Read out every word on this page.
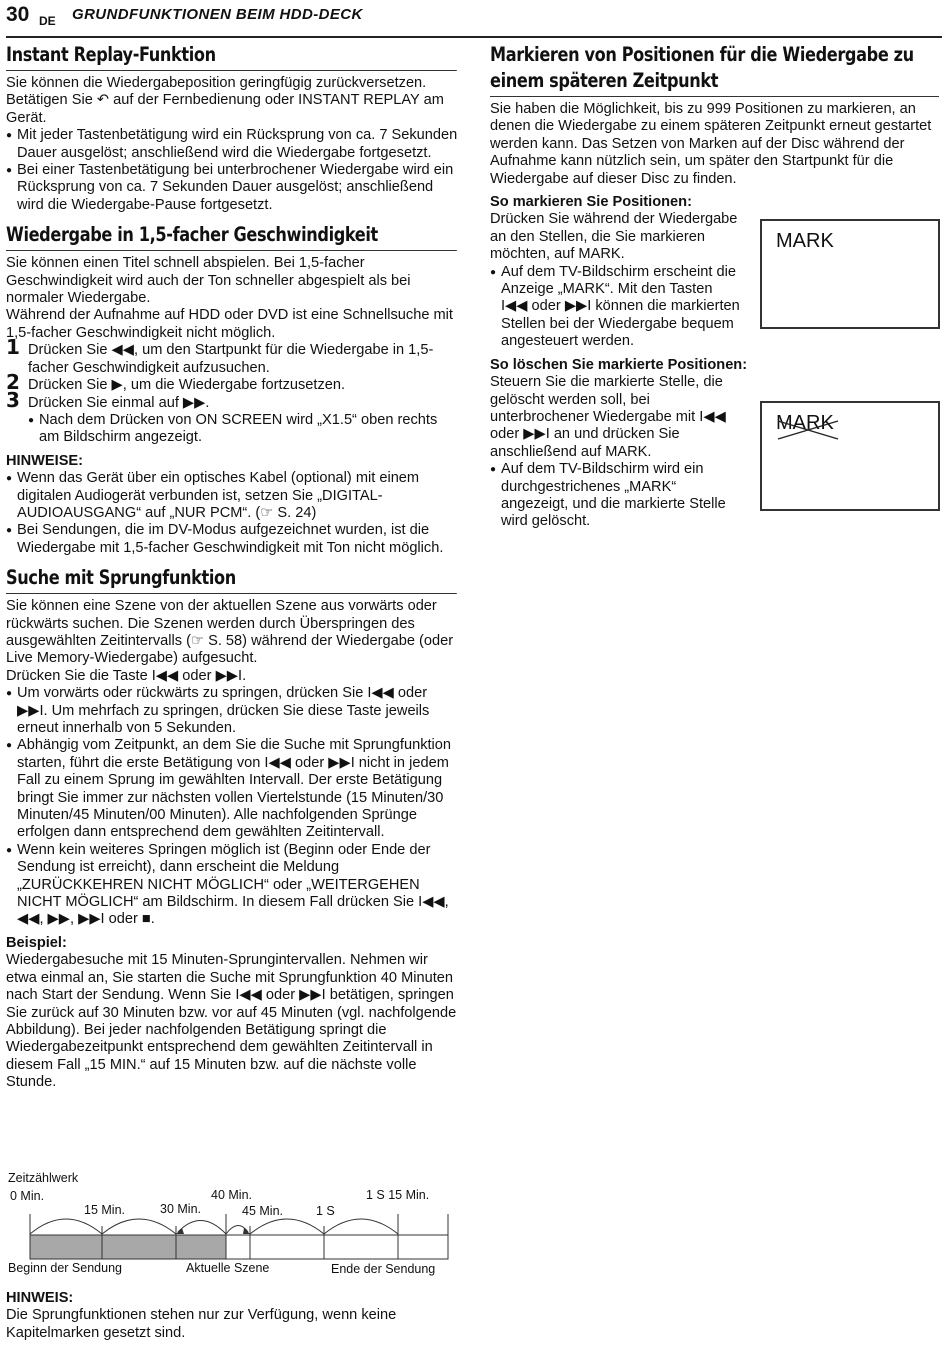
30 DE GRUNDFUNKTIONEN BEIM HDD-DECK
Instant Replay-Funktion

Sie können die Wiedergabeposition geringfügig zurückversetzen. Betätigen Sie ↶ auf der Fernbedienung oder INSTANT REPLAY am Gerät.

● Mit jeder Tastenbetätigung wird ein Rücksprung von ca. 7 Sekunden Dauer ausgelöst; anschließend wird die Wiedergabe fortgesetzt.

● Bei einer Tastenbetätigung bei unterbrochener Wiedergabe wird ein Rücksprung von ca. 7 Sekunden Dauer ausgelöst; anschließend wird die Wiedergabe-Pause fortgesetzt.

Wiedergabe in 1,5-facher Geschwindigkeit

Sie können einen Titel schnell abspielen. Bei 1,5-facher Geschwindigkeit wird auch der Ton schneller abgespielt als bei normaler Wiedergabe.

Während der Aufnahme auf HDD oder DVD ist eine Schnellsuche mit 1,5-facher Geschwindigkeit nicht möglich.

1 Drücken Sie ◀◀, um den Startpunkt für die Wiedergabe in 1,5-facher Geschwindigkeit aufzusuchen.
2 Drücken Sie ▶, um die Wiedergabe fortzusetzen.
3 Drücken Sie einmal auf ▶▶.

● Nach dem Drücken von ON SCREEN wird „X1.5“ oben rechts am Bildschirm angezeigt.

HINWEISE:

● Wenn das Gerät über ein optisches Kabel (optional) mit einem digitalen Audiogerät verbunden ist, setzen Sie „DIGITAL-AUDIOAUSGANG“ auf „NUR PCM“. (☞ S. 24)

● Bei Sendungen, die im DV-Modus aufgezeichnet wurden, ist die Wiedergabe mit 1,5-facher Geschwindigkeit mit Ton nicht möglich.

Suche mit Sprungfunktion

Sie können eine Szene von der aktuellen Szene aus vorwärts oder rückwärts suchen. Die Szenen werden durch Überspringen des ausgewählten Zeitintervalls (☞ S. 58) während der Wiedergabe (oder Live Memory-Wiedergabe) aufgesucht.

Drücken Sie die Taste I◀◀ oder ▶▶I.

● Um vorwärts oder rückwärts zu springen, drücken Sie I◀◀ oder ▶▶I. Um mehrfach zu springen, drücken Sie diese Taste jeweils erneut innerhalb von 5 Sekunden.

● Abhängig vom Zeitpunkt, an dem Sie die Suche mit Sprungfunktion starten, führt die erste Betätigung von I◀◀ oder ▶▶I nicht in jedem Fall zu einem Sprung im gewählten Intervall. Der erste Betätigung bringt Sie immer zur nächsten vollen Viertelstunde (15 Minuten/30 Minuten/45 Minuten/00 Minuten). Alle nachfolgenden Sprünge erfolgen dann entsprechend dem gewählten Zeitintervall.

● Wenn kein weiteres Springen möglich ist (Beginn oder Ende der Sendung ist erreicht), dann erscheint die Meldung „ZURÜCKKEHREN NICHT MÖGLICH“ oder „WEITERGEHEN NICHT MÖGLICH“ am Bildschirm. In diesem Fall drücken Sie I◀◀, ◀◀, ▶▶, ▶▶I oder ■.

Beispiel:

Wiedergabesuche mit 15 Minuten-Sprungintervallen. Nehmen wir etwa einmal an, Sie starten die Suche mit Sprungfunktion 40 Minuten nach Start der Sendung. Wenn Sie I◀◀ oder ▶▶I betätigen, springen Sie zurück auf 30 Minuten bzw. vor auf 45 Minuten (vgl. nachfolgende Abbildung). Bei jeder nachfolgenden Betätigung springt die Wiedergabezeitpunkt entsprechend dem gewählten Zeitintervall in diesem Fall „15 MIN.“ auf 15 Minuten bzw. auf die nächste volle Stunde.

Zeitzählwerk
0 Min.
15 Min.	30 Min.
40 Min.
45 Min.	1 S
1 S 15 Min.
Beginn der Sendung	Aktuelle Szene	Ende der Sendung

HINWEIS:

Die Sprungfunktionen stehen nur zur Verfügung, wenn keine Kapitelmarken gesetzt sind.

Markieren von Positionen für die Wiedergabe zu einem späteren Zeitpunkt

Sie haben die Möglichkeit, bis zu 999 Positionen zu markieren, an denen die Wiedergabe zu einem späteren Zeitpunkt erneut gestartet werden kann. Das Setzen von Marken auf der Disc während der Aufnahme kann nützlich sein, um später den Startpunkt für die Wiedergabe auf dieser Disc zu finden.

So markieren Sie Positionen:

Drücken Sie während der Wiedergabe an den Stellen, die Sie markieren möchten, auf MARK.

● Auf dem TV-Bildschirm erscheint die Anzeige „MARK“. Mit den Tasten I◀◀ oder ▶▶I können die markierten Stellen bei der Wiedergabe bequem angesteuert werden.

So löschen Sie markierte Positionen:

Steuern Sie die markierte Stelle, die gelöscht werden soll, bei unterbrochener Wiedergabe mit I◀◀ oder ▶▶I an und drücken Sie anschließend auf MARK.

● Auf dem TV-Bildschirm wird ein durchgestrichenes „MARK“ angezeigt, und die markierte Stelle wird gelöscht.

MARK
MARK
